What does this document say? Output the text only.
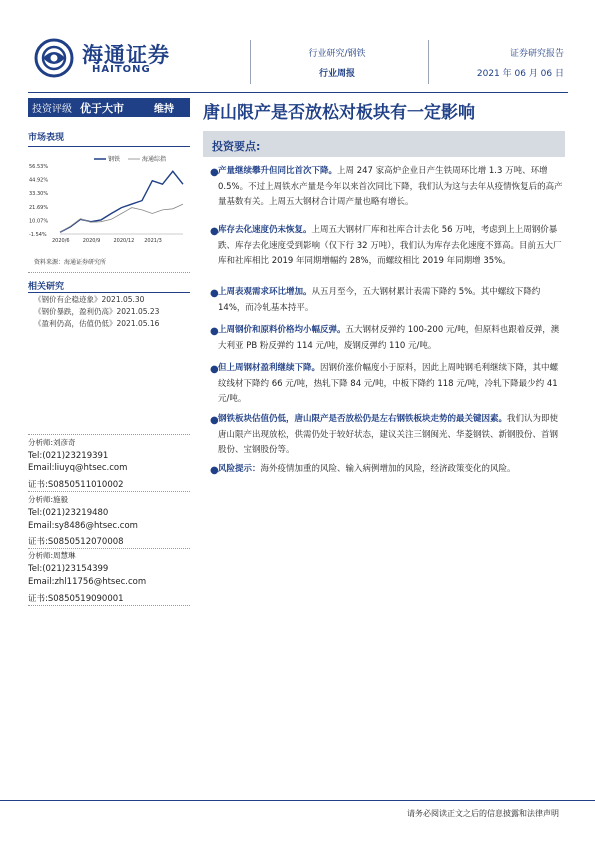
海通证券
HAITONG
行业研究/钢铁
行业周报
证券研究报告
2021 年 06 月 06 日
投资评级 优于大市	维持 唐山限产是否放松对板块有一定影响
市场表现
56.53%
44.92%
33.30%
21.69%
10.07%
-1.54%
2020/6	2020/9	2020/12 2021/3
钢铁	海通综指
资料来源：海通证券研究所
相关研究
《钢价有企稳迹象》2021.05.30
《钢价暴跌，盈利仍高》2021.05.23
《盈利仍高，估值仍低》2021.05.16
分析师:刘彦奇
Tel:(021)23219391
Email:liuyq@htsec.com
证书:S0850511010002
分析师:施毅
Tel:(021)23219480
Email:sy8486@htsec.com
证书:S0850512070008
分析师:周慧琳
Tel:(021)23154399
Email:zhl11756@htsec.com
证书:S0850519090001
投资要点:
● 产量继续攀升但同比首次下降。上周 247 家高炉企业日产生铁周环比增 1.3 万吨、环增 0.5%。不过上周铁水产量是今年以来首次同比下降，我们认为这与去年从疫情恢复后的高产量基数有关。上周五大钢材合计周产量也略有增长。
● 库存去化速度仍未恢复。上周五大钢材厂库和社库合计去化 56 万吨，考虑到上上周钢价暴跌、库存去化速度受到影响（仅下行 32 万吨），我们认为库存去化速度不算高。目前五大厂库和社库相比 2019 年同期增幅约 28%，而螺纹相比 2019 年同期增 35%。
● 上周表观需求环比增加。从五月至今，五大钢材累计表需下降约 5%。其中螺纹下降约 14%，而冷轧基本持平。
● 上周钢价和原料价格均小幅反弹。五大钢材反弹约 100-200 元/吨，但原料也跟着反弹，澳大利亚 PB 粉反弹约 114 元/吨，废钢反弹约 110 元/吨。
● 但上周钢材盈利继续下降。因钢价涨价幅度小于原料，因此上周吨钢毛利继续下降，其中螺纹线材下降约 66 元/吨，热轧下降 84 元/吨，中板下降约 118 元/吨，冷轧下降最少约 41 元/吨。
● 钢铁板块估值仍低，唐山限产是否放松仍是左右钢铁板块走势的最关键因素。我们认为即使唐山限产出现放松，供需仍处于较好状态，建议关注三钢闽光、华菱钢铁、新钢股份、首钢股份、宝钢股份等。
● 风险提示：海外疫情加重的风险、输入病例增加的风险，经济政策变化的风险。
请务必阅读正文之后的信息披露和法律声明
